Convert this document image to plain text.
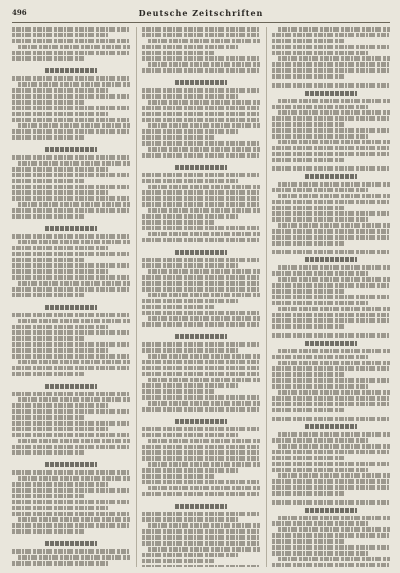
496	Deutsche Zeitschriften
